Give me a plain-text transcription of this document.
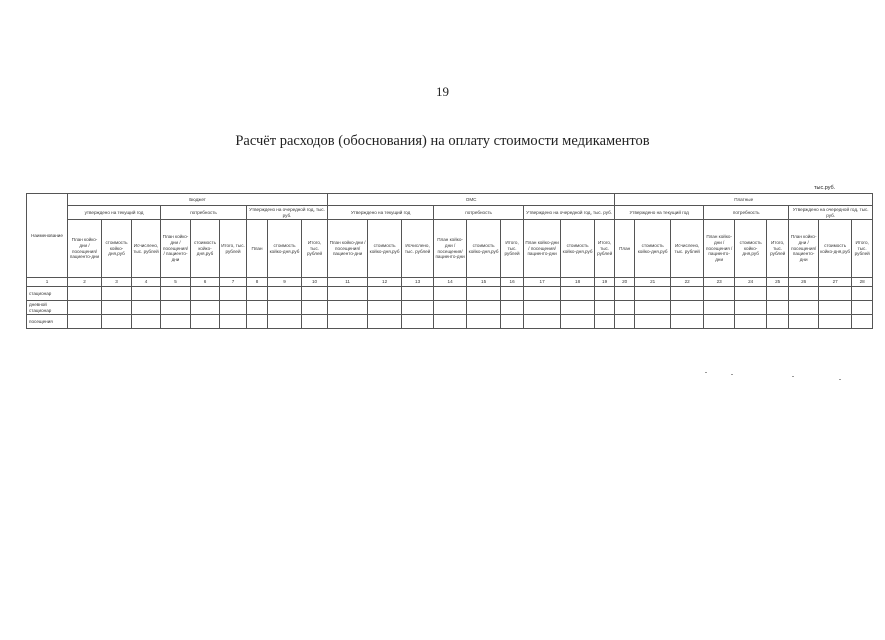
19
Расчёт расходов (обоснования) на оплату стоимости медикаментов
тыс.руб.
Наименование	Бюджет									ОМС									Платные								
	утверждено на текущий год			потребность			Утверждено на очередной год, тыс. руб.			Утверждено на текущий год			потребность			Утверждено на очередной год, тыс. руб.			Утверждено на текущий год			потребность			Утверждено на очередной год, тыс. руб.		
	План койко-дни / посещения/ пациенто-дни	стоимость койко-дня,руб	Исчислено, тыс. рублей	План койко-дни / посещения/ / пациенто-дни	стоимость койко-дня,руб	Итого, тыс. рублей	План	стоимость койко-дня,руб	Итого, тыс. рублей	План койко-дни / посещения/ пациенто-дни	стоимость койко-дня,руб	Исчислено, тыс. рублей	План койко-дни / посещения/ пациенто-дни	стоимость койко-дня,руб	Итого, тыс. рублей	План койко-дни / посещения/ пациенто-дни	стоимость койко-дня,руб	Итого, тыс. рублей	План	стоимость койко-дня,руб	Исчислено, тыс. рублей	План койко-дни / посещения / пациенто-дни	стоимость койко-дня,руб	Итого, тыс. рублей	План койко-дни / посещения/ пациенто-дни	стоимость койко-дня,руб	Итого, тыс. рублей
1	2	3	4	5	6	7	8	9	10	11	12	13	14	15	16	17	18	19	20	21	22	23	24	25	26	27	28
стационар																											
дневной стационар																											
посещения																											
